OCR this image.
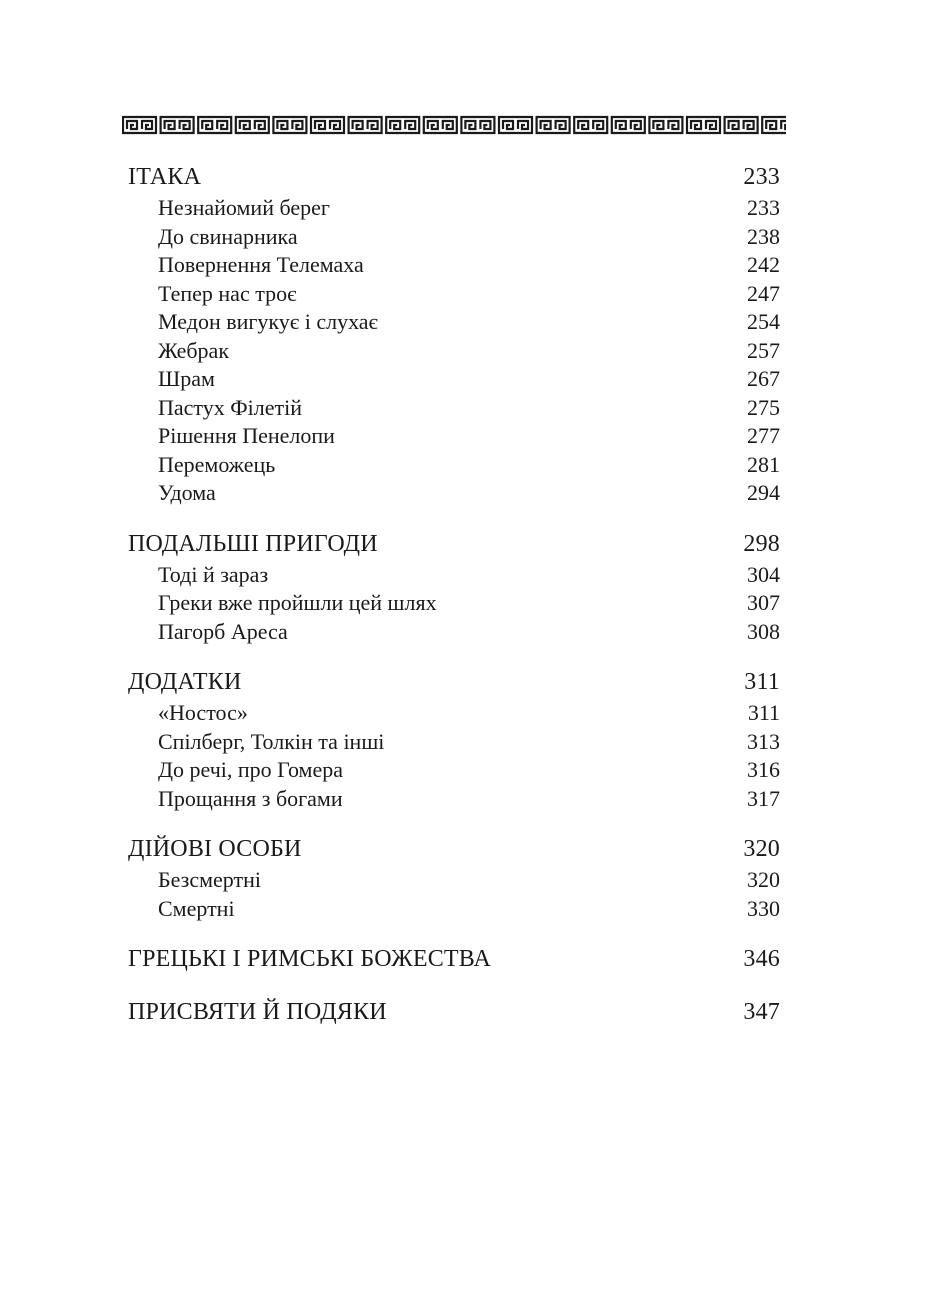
ІТАКА	233
Незнайомий берег	233
До свинарника	238
Повернення Телемаха	242
Тепер нас троє	247
Медон вигукує і слухає	254
Жебрак	257
Шрам	267
Пастух Філетій	275
Рішення Пенелопи	277
Переможець	281
Удома	294
ПОДАЛЬШІ ПРИГОДИ	298
Тоді й зараз	304
Греки вже пройшли цей шлях	307
Пагорб Ареса	308
ДОДАТКИ	311
«Ностос»	311
Спілберг, Толкін та інші	313
До речі, про Гомера	316
Прощання з богами	317
ДІЙОВІ ОСОБИ	320
Безсмертні	320
Смертні	330
ГРЕЦЬКІ І РИМСЬКІ БОЖЕСТВА	346
ПРИСВЯТИ Й ПОДЯКИ	347
